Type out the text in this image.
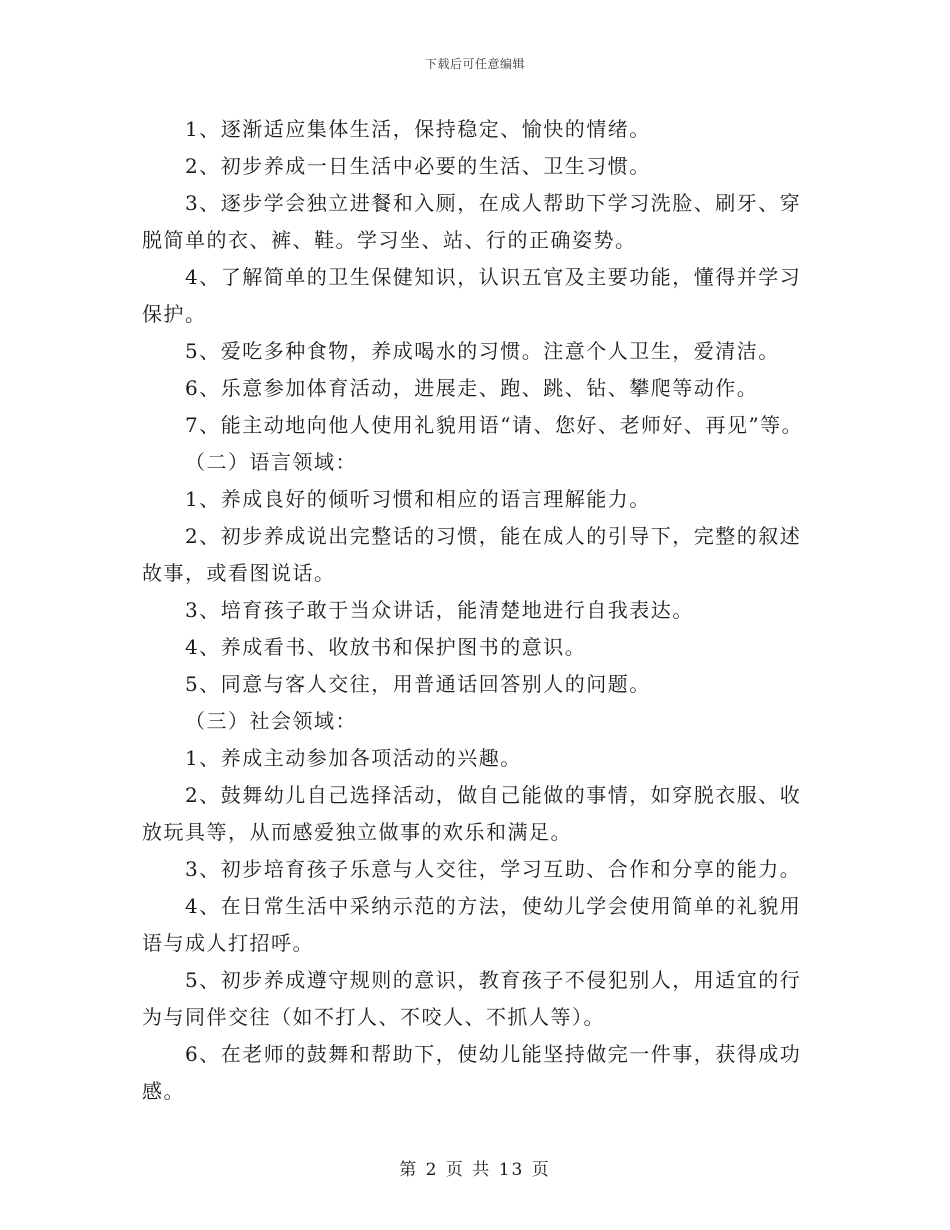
下载后可任意编辑

1、逐渐适应集体生活，保持稳定、愉快的情绪。

2、初步养成一日生活中必要的生活、卫生习惯。

3、逐步学会独立进餐和入厕，在成人帮助下学习洗脸、刷牙、穿脱简单的衣、裤、鞋。学习坐、站、行的正确姿势。

4、了解简单的卫生保健知识，认识五官及主要功能，懂得并学习保护。

5、爱吃多种食物，养成喝水的习惯。注意个人卫生，爱清洁。

6、乐意参加体育活动，进展走、跑、跳、钻、攀爬等动作。

7、能主动地向他人使用礼貌用语“请、您好、老师好、再见”等。

（二）语言领域：

1、养成良好的倾听习惯和相应的语言理解能力。

2、初步养成说出完整话的习惯，能在成人的引导下，完整的叙述故事，或看图说话。

3、培育孩子敢于当众讲话，能清楚地进行自我表达。

4、养成看书、收放书和保护图书的意识。

5、同意与客人交往，用普通话回答别人的问题。

（三）社会领域：

1、养成主动参加各项活动的兴趣。

2、鼓舞幼儿自己选择活动，做自己能做的事情，如穿脱衣服、收放玩具等，从而感爱独立做事的欢乐和满足。

3、初步培育孩子乐意与人交往，学习互助、合作和分享的能力。

4、在日常生活中采纳示范的方法，使幼儿学会使用简单的礼貌用语与成人打招呼。

5、初步养成遵守规则的意识，教育孩子不侵犯别人，用适宜的行为与同伴交往（如不打人、不咬人、不抓人等）。

6、在老师的鼓舞和帮助下，使幼儿能坚持做完一件事，获得成功感。

第 2 页 共 13 页
